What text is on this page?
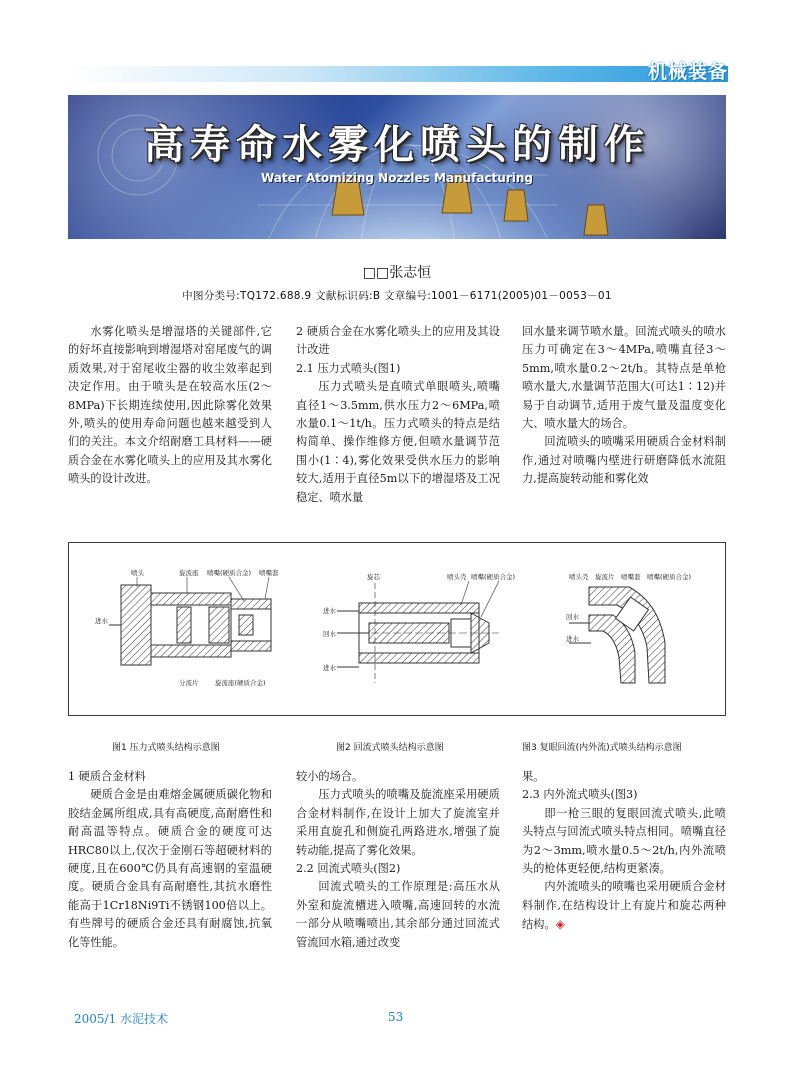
机械装备
高寿命水雾化喷头的制作
Water Atomizing Nozzles Manufacturing
□□张志恒
中图分类号:TQ172.688.9 文献标识码:B 文章编号:1001－6171(2005)01－0053－01

水雾化喷头是增湿塔的关键部件,它的好坏直接影响到增湿塔对窑尾废气的调质效果,对于窑尾收尘器的收尘效率起到决定作用。由于喷头是在较高水压(2～8MPa)下长期连续使用,因此除雾化效果外,喷头的使用寿命问题也越来越受到人们的关注。本文介绍耐磨工具材料——硬质合金在水雾化喷头上的应用及其水雾化喷头的设计改进。

2 硬质合金在水雾化喷头上的应用及其设计改进

2.1 压力式喷头(图1)

压力式喷头是直喷式单眼喷头,喷嘴直径1～3.5mm,供水压力2～6MPa,喷水量0.1～1t/h。压力式喷头的特点是结构简单、操作维修方便,但喷水量调节范围小(1∶4),雾化效果受供水压力的影响较大,适用于直径5m以下的增湿塔及工况稳定、喷水量

回水量来调节喷水量。回流式喷头的喷水压力可确定在3～4MPa,喷嘴直径3～5mm,喷水量0.2～2t/h。其特点是单枪喷水量大,水量调节范围大(可达1∶12)并易于自动调节,适用于废气量及温度变化大、喷水量大的场合。

回流喷头的喷嘴采用硬质合金材料制作,通过对喷嘴内壁进行研磨降低水流阻力,提高旋转动能和雾化效

喷头	旋流座 喷嘴(硬质合金) 喷嘴套
进水
分流片	旋流座(硬质合金)
旋芯	喷头壳 喷嘴(硬质合金)
进水
回水
进水
喷头壳 旋流片 喷嘴套 喷嘴(硬质合金)
回水
进水
图1 压力式喷头结构示意图	图2 回流式喷头结构示意图	图3 复眼回流(内外流)式喷头结构示意图

1 硬质合金材料

硬质合金是由难熔金属硬质碳化物和胶结金属所组成,具有高硬度,高耐磨性和耐高温等特点。硬质合金的硬度可达HRC80以上,仅次于金刚石等超硬材料的硬度,且在600℃仍具有高速钢的室温硬度。硬质合金具有高耐磨性,其抗水磨性能高于1Cr18Ni9Ti不锈钢100倍以上。有些牌号的硬质合金还具有耐腐蚀,抗氧化等性能。

较小的场合。

压力式喷头的喷嘴及旋流座采用硬质合金材料制作,在设计上加大了旋流室并采用直旋孔和侧旋孔两路进水,增强了旋转动能,提高了雾化效果。

2.2 回流式喷头(图2)

回流式喷头的工作原理是:高压水从外室和旋流槽进入喷嘴,高速回转的水流一部分从喷嘴喷出,其余部分通过回流式管流回水箱,通过改变

果。

2.3 内外流式喷头(图3)

即一枪三眼的复眼回流式喷头,此喷头特点与回流式喷头特点相同。喷嘴直径为2～3mm,喷水量0.5～2t/h,内外流喷头的枪体更轻便,结构更紧凑。

内外流喷头的喷嘴也采用硬质合金材料制作,在结构设计上有旋片和旋芯两种结构。◈

2005/1 水泥技术	53
